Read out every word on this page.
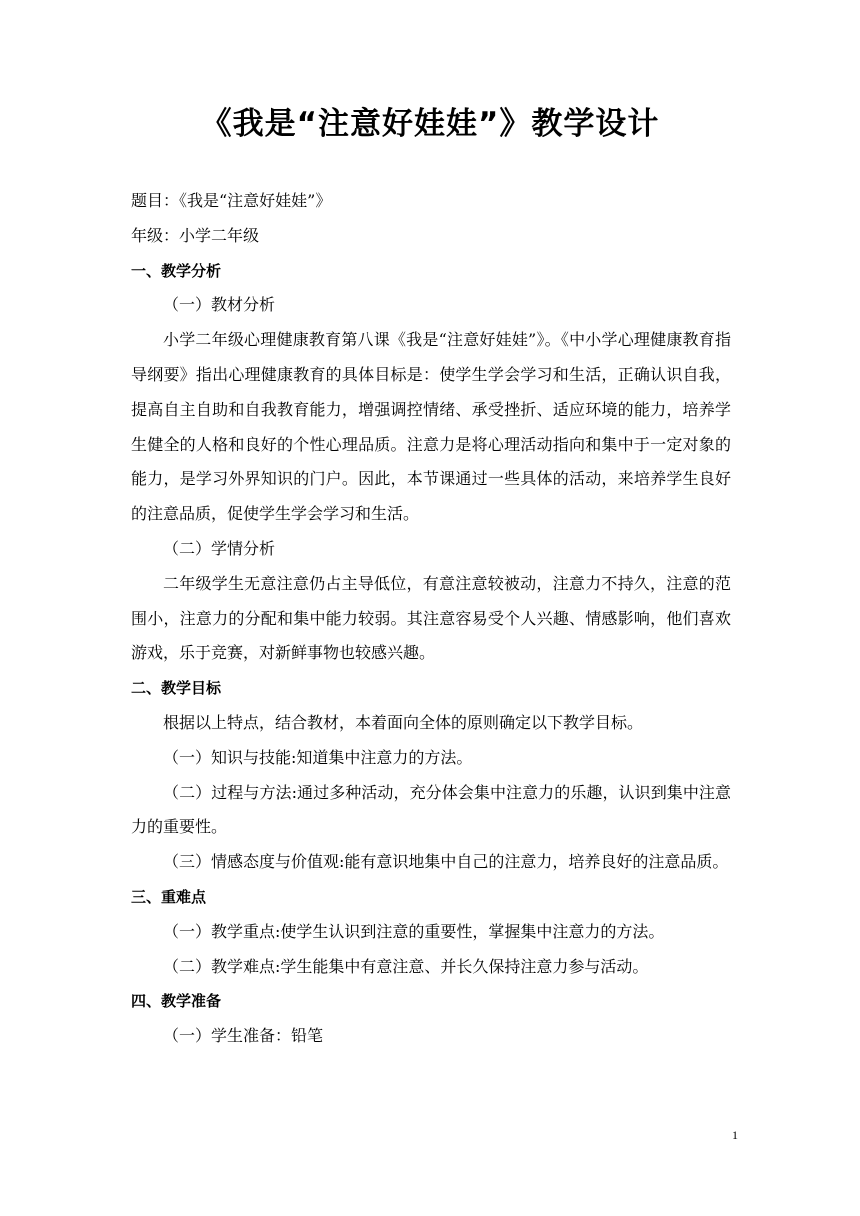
《我是“注意好娃娃”》教学设计

题目：《我是“注意好娃娃”》

年级：小学二年级

一、教学分析

（一）教材分析

小学二年级心理健康教育第八课《我是“注意好娃娃”》。《中小学心理健康教育指导纲要》指出心理健康教育的具体目标是：使学生学会学习和生活，正确认识自我，提高自主自助和自我教育能力，增强调控情绪、承受挫折、适应环境的能力，培养学生健全的人格和良好的个性心理品质。注意力是将心理活动指向和集中于一定对象的能力，是学习外界知识的门户。因此，本节课通过一些具体的活动，来培养学生良好的注意品质，促使学生学会学习和生活。

（二）学情分析

二年级学生无意注意仍占主导低位，有意注意较被动，注意力不持久，注意的范围小，注意力的分配和集中能力较弱。其注意容易受个人兴趣、情感影响，他们喜欢游戏，乐于竞赛，对新鲜事物也较感兴趣。

二、教学目标

根据以上特点，结合教材，本着面向全体的原则确定以下教学目标。

（一）知识与技能:知道集中注意力的方法。

（二）过程与方法:通过多种活动，充分体会集中注意力的乐趣，认识到集中注意力的重要性。

（三）情感态度与价值观:能有意识地集中自己的注意力，培养良好的注意品质。

三、重难点

（一）教学重点:使学生认识到注意的重要性，掌握集中注意力的方法。

（二）教学难点:学生能集中有意注意、并长久保持注意力参与活动。

四、教学准备

（一）学生准备：铅笔

1
